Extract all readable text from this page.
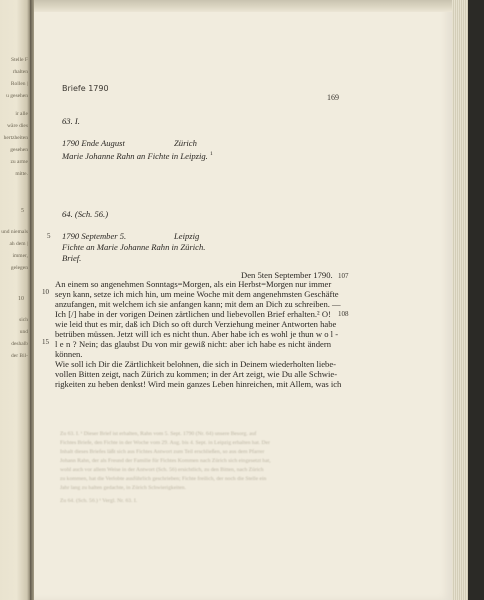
Stelle F
rhalten
Rollen |
u gesehen
ir alle
wäre dies
hertzheiten
gesehen
zu arme
mitte.
5
und niemals
ah dem |
immer,
gelegen
10
sich
und
deshalb
der Bil-
Briefe 1790
169
63. I.
1790 Ende August	Zürich
Marie Johanne Rahn an Fichte in Leipzig. $^1$
64. (Sch. 56.)
5 1790 September 5.	Leipzig
Fichte an Marie Johanne Rahn in Zürich.
Brief.
Den 5ten September 1790. 107
An einem so angenehmen Sonntags=Morgen, als ein Herbst=Morgen nur immer
seyn kann, setze ich mich hin, um meine Woche mit dem angenehmsten Geschäfte
10
anzufangen, mit welchem ich sie anfangen kann; mit dem an Dich zu schreiben. —
Ich [/] habe in der vorigen Deinen zärtlichen und liebevollen Brief erhalten.² O! 108
wie leid thut es mir, daß ich Dich so oft durch Verziehung meiner Antworten habe
betrüben müssen. Jetzt will ich es nicht thun. Aber habe ich es wohl je thun w o l -
l e n ? Nein; das glaubst Du von mir gewiß nicht: aber ich habe es nicht ändern
15
können.
Wie soll ich Dir die Zärtlichkeit belohnen, die sich in Deinem wiederholten liebe-
vollen Bitten zeigt, nach Zürich zu kommen; in der Art zeigt, wie Du alle Schwie-
rigkeiten zu heben denkst! Wird mein ganzes Leben hinreichen, mit Allem, was ich
Zu 63. I. ¹ Dieser Brief ist erhalten, Rahn vom 5. Sept. 1790 (Nr. 64) unsere Besorg. auf
Fichtes Briefe, den Fichte in der Woche vom 29. Aug. bis 4. Sept. in Leipzig erhalten hat. Der
Inhalt dieses Briefes läßt sich aus Fichtes Antwort zum Teil erschließen, so aus dem Pfarrer
Johann Rahn, der als Freund der Familie für Fichtes Kommen nach Zürich sich eingesetzt hat,
wohl auch vor allem Weise in der Antwort (Sch. 56) ersichtlich, zu den Bitten, nach Zürich
zu kommen, hat die Verlobte ausführlich geschrieben; Fichte freilich, der noch die Stelle ein
Jahr lang zu halten gedachte, in Zürich Schwierigkeiten.
Zu 64. (Sch. 56.) ¹ Vergl. Nr. 63. I.
